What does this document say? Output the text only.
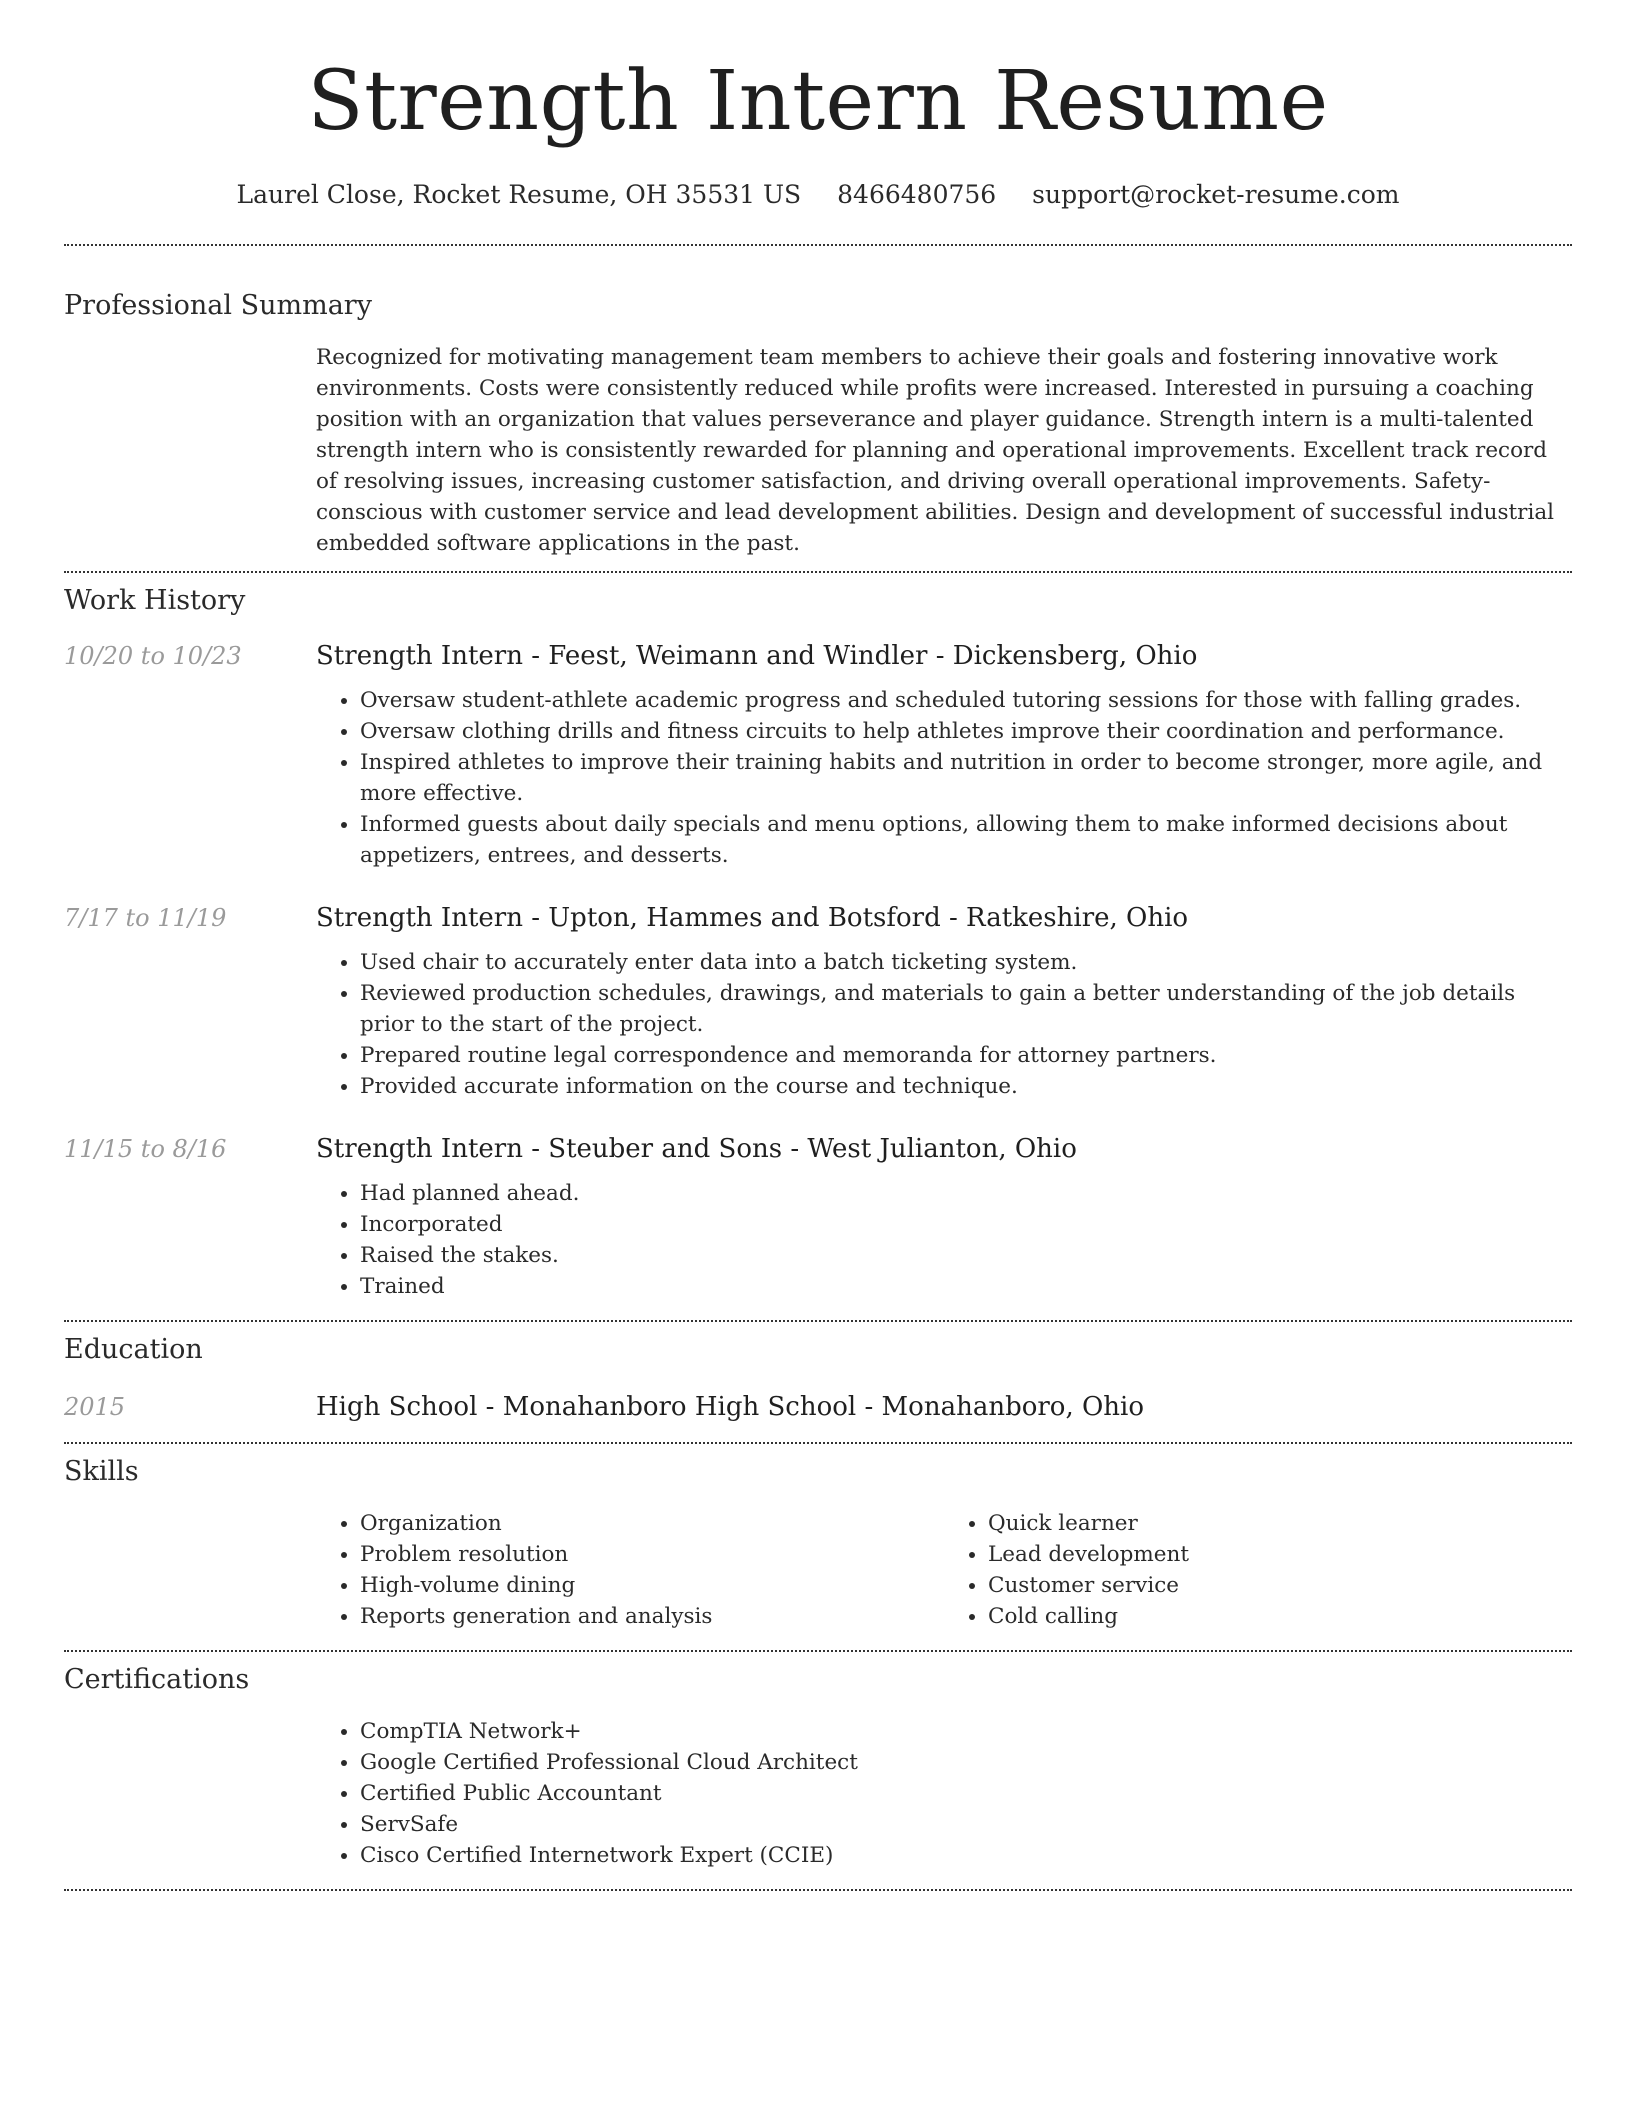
Strength Intern Resume
Laurel Close, Rocket Resume, OH 35531 US 8466480756 support@rocket-resume.com
Professional Summary

Recognized for motivating management team members to achieve their goals and fostering innovative work environments. Costs were consistently reduced while profits were increased. Interested in pursuing a coaching position with an organization that values perseverance and player guidance. Strength intern is a multi-talented strength intern who is consistently rewarded for planning and operational improvements. Excellent track record of resolving issues, increasing customer satisfaction, and driving overall operational improvements. Safety-conscious with customer service and lead development abilities. Design and development of successful industrial embedded software applications in the past.

Work History
10/20 to 10/23	Strength Intern - Feest, Weimann and Windler - Dickensberg, Ohio
• Oversaw student-athlete academic progress and scheduled tutoring sessions for those with falling grades.
• Oversaw clothing drills and fitness circuits to help athletes improve their coordination and performance.
• Inspired athletes to improve their training habits and nutrition in order to become stronger, more agile, and more effective.
• Informed guests about daily specials and menu options, allowing them to make informed decisions about appetizers, entrees, and desserts.
7/17 to 11/19	Strength Intern - Upton, Hammes and Botsford - Ratkeshire, Ohio
• Used chair to accurately enter data into a batch ticketing system.
• Reviewed production schedules, drawings, and materials to gain a better understanding of the job details prior to the start of the project.
• Prepared routine legal correspondence and memoranda for attorney partners.
• Provided accurate information on the course and technique.
11/15 to 8/16	Strength Intern - Steuber and Sons - West Julianton, Ohio
• Had planned ahead.
• Incorporated
• Raised the stakes.
• Trained
Education
2015	High School - Monahanboro High School - Monahanboro, Ohio
Skills
• Organization
• Problem resolution
• High-volume dining
• Reports generation and analysis
• Quick learner
• Lead development
• Customer service
• Cold calling
Certifications
• CompTIA Network+
• Google Certified Professional Cloud Architect
• Certified Public Accountant
• ServSafe
• Cisco Certified Internetwork Expert (CCIE)
